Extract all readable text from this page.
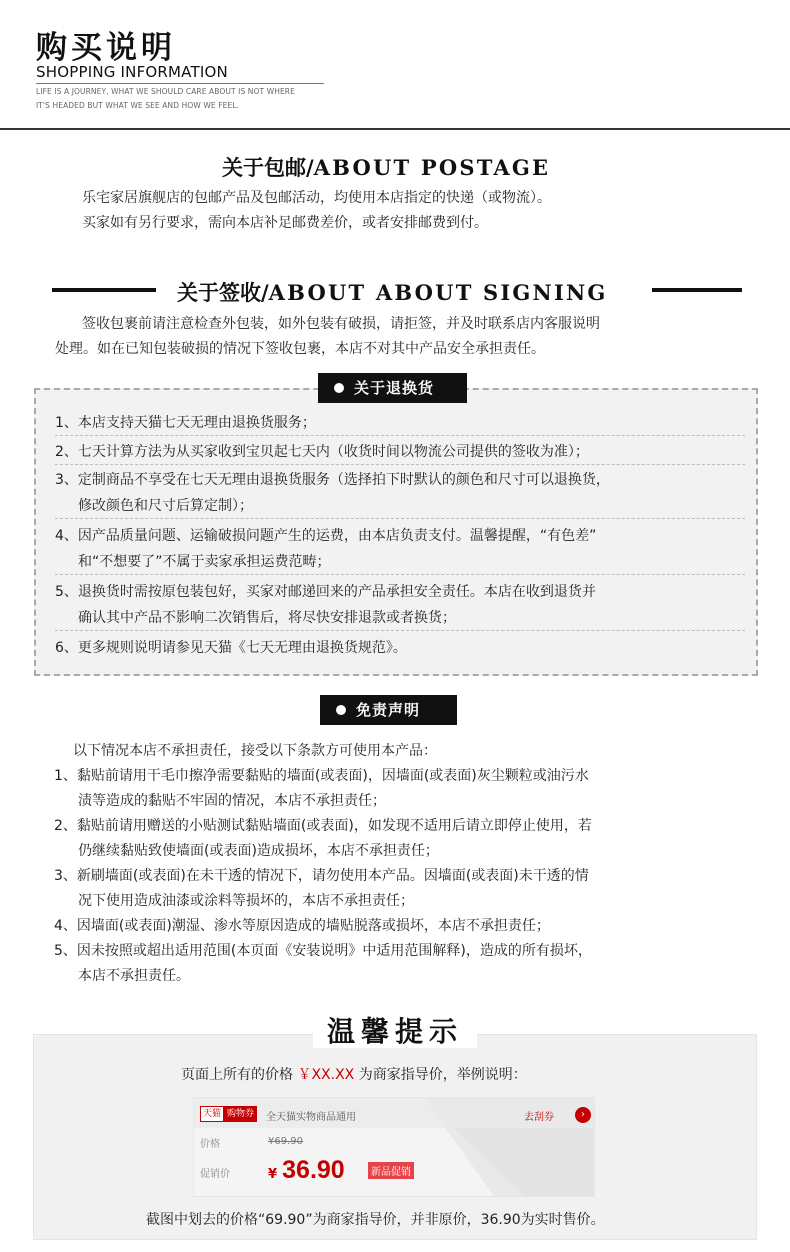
购买说明
SHOPPING INFORMATION
LIFE IS A JOURNEY, WHAT WE SHOULD CARE ABOUT IS NOT WHERE
IT'S HEADED BUT WHAT WE SEE AND HOW WE FEEL.
关于包邮/ABOUT POSTAGE
乐宅家居旗舰店的包邮产品及包邮活动，均使用本店指定的快递（或物流）。
买家如有另行要求，需向本店补足邮费差价，或者安排邮费到付。
关于签收/ABOUT ABOUT SIGNING
签收包裹前请注意检查外包装，如外包装有破损，请拒签，并及时联系店内客服说明
处理。如在已知包装破损的情况下签收包裹，本店不对其中产品安全承担责任。
关于退换货
1、本店支持天猫七天无理由退换货服务；
2、七天计算方法为从买家收到宝贝起七天内（收货时间以物流公司提供的签收为准）；
3、定制商品不享受在七天无理由退换货服务（选择拍下时默认的颜色和尺寸可以退换货，
修改颜色和尺寸后算定制）；
4、因产品质量问题、运输破损问题产生的运费，由本店负责支付。温馨提醒，“有色差”
和“不想要了”不属于卖家承担运费范畴；
5、退换货时需按原包装包好，买家对邮递回来的产品承担安全责任。本店在收到退货并
确认其中产品不影响二次销售后，将尽快安排退款或者换货；
6、更多规则说明请参见天猫《七天无理由退换货规范》。
免责声明
以下情况本店不承担责任，接受以下条款方可使用本产品：
1、黏贴前请用干毛巾擦净需要黏贴的墙面(或表面)，因墙面(或表面)灰尘颗粒或油污水
渍等造成的黏贴不牢固的情况，本店不承担责任；
2、黏贴前请用赠送的小贴测试黏贴墙面(或表面)，如发现不适用后请立即停止使用，若
仍继续黏贴致使墙面(或表面)造成损坏，本店不承担责任；
3、新刷墙面(或表面)在未干透的情况下，请勿使用本产品。因墙面(或表面)未干透的情
况下使用造成油漆或涂料等损坏的，本店不承担责任；
4、因墙面(或表面)潮湿、渗水等原因造成的墙贴脱落或损坏，本店不承担责任；
5、因未按照或超出适用范围(本页面《安装说明》中适用范围解释)，造成的所有损坏，
本店不承担责任。
温馨提示
页面上所有的价格 ￥XX.XX 为商家指导价，举例说明：
天猫 购物券	全天猫实物商品通用	去刮券	›
价格	¥69.90
促销价	¥ 36.90	新品促销
截图中划去的价格“69.90”为商家指导价，并非原价，36.90为实时售价。
